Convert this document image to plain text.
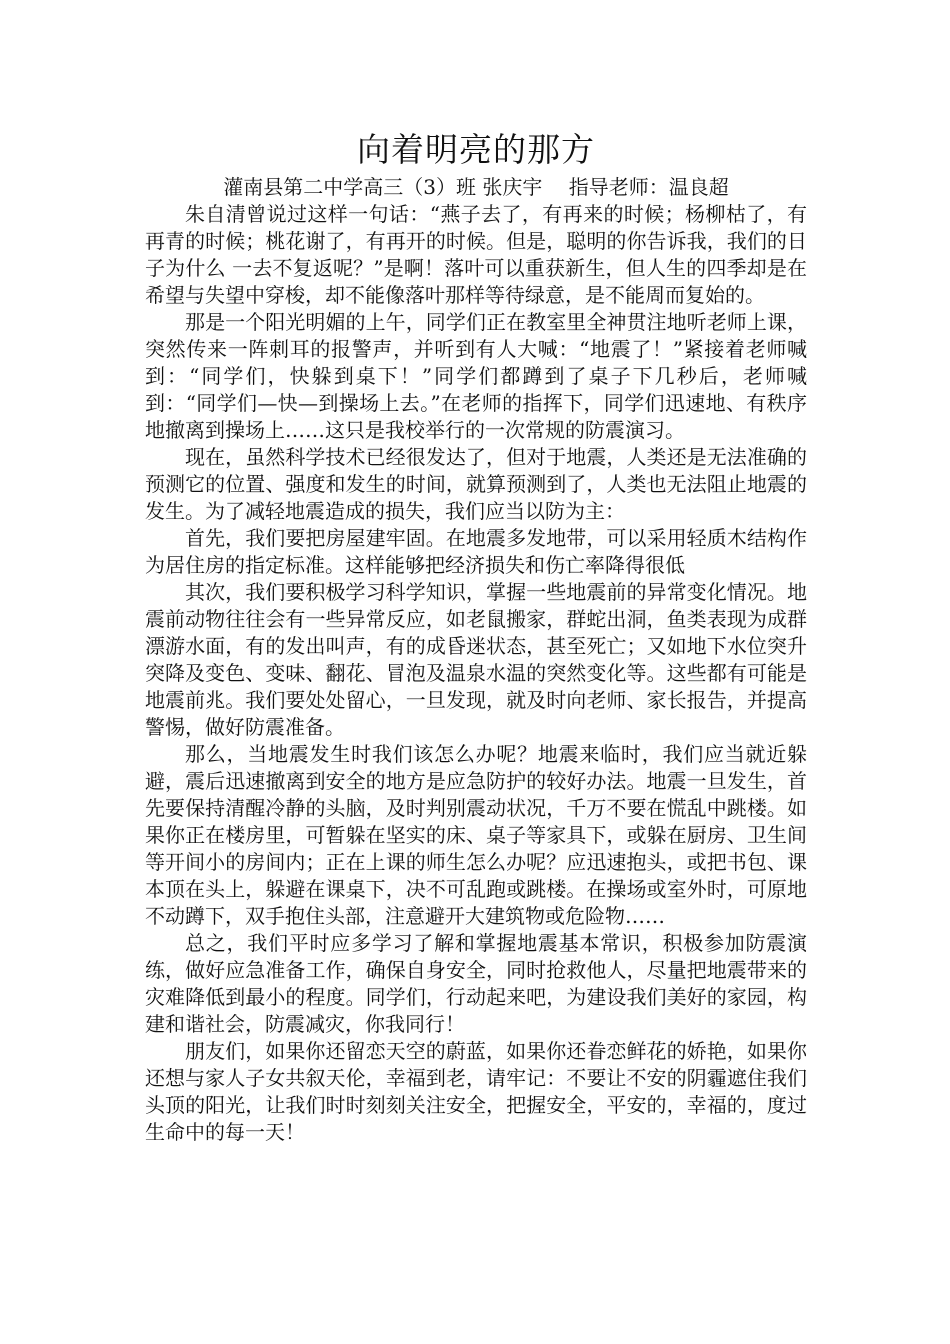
向着明亮的那方
灌南县第二中学高三（3）班 张庆宇　 指导老师：温良超

朱自清曾说过这样一句话：“燕子去了，有再来的时候；杨柳枯了，有再青的时候；桃花谢了，有再开的时候。但是，聪明的你告诉我，我们的日子为什么 一去不复返呢？”是啊！落叶可以重获新生，但人生的四季却是在希望与失望中穿梭，却不能像落叶那样等待绿意，是不能周而复始的。

那是一个阳光明媚的上午，同学们正在教室里全神贯注地听老师上课，突然传来一阵刺耳的报警声，并听到有人大喊：“地震了！”紧接着老师喊到：“同学们，快躲到桌下！”同学们都蹲到了桌子下几秒后，老师喊到：“同学们—快—到操场上去。”在老师的指挥下，同学们迅速地、有秩序地撤离到操场上……这只是我校举行的一次常规的防震演习。

现在，虽然科学技术已经很发达了，但对于地震，人类还是无法准确的预测它的位置、强度和发生的时间，就算预测到了，人类也无法阻止地震的发生。为了减轻地震造成的损失，我们应当以防为主：

首先，我们要把房屋建牢固。在地震多发地带，可以采用轻质木结构作为居住房的指定标准。这样能够把经济损失和伤亡率降得很低

其次，我们要积极学习科学知识，掌握一些地震前的异常变化情况。地震前动物往往会有一些异常反应，如老鼠搬家，群蛇出洞，鱼类表现为成群漂游水面，有的发出叫声，有的成昏迷状态，甚至死亡；又如地下水位突升突降及变色、变味、翻花、冒泡及温泉水温的突然变化等。这些都有可能是地震前兆。我们要处处留心，一旦发现，就及时向老师、家长报告，并提高警惕，做好防震准备。

那么，当地震发生时我们该怎么办呢？地震来临时，我们应当就近躲避，震后迅速撤离到安全的地方是应急防护的较好办法。地震一旦发生，首先要保持清醒冷静的头脑，及时判别震动状况，千万不要在慌乱中跳楼。如果你正在楼房里，可暂躲在坚实的床、桌子等家具下，或躲在厨房、卫生间等开间小的房间内；正在上课的师生怎么办呢？应迅速抱头，或把书包、课本顶在头上，躲避在课桌下，决不可乱跑或跳楼。在操场或室外时，可原地不动蹲下，双手抱住头部，注意避开大建筑物或危险物……

总之，我们平时应多学习了解和掌握地震基本常识，积极参加防震演练，做好应急准备工作，确保自身安全，同时抢救他人，尽量把地震带来的灾难降低到最小的程度。同学们，行动起来吧，为建设我们美好的家园，构建和谐社会，防震减灾，你我同行！

朋友们，如果你还留恋天空的蔚蓝，如果你还眷恋鲜花的娇艳，如果你还想与家人子女共叙天伦，幸福到老，请牢记：不要让不安的阴霾遮住我们头顶的阳光，让我们时时刻刻关注安全，把握安全，平安的，幸福的，度过生命中的每一天！
